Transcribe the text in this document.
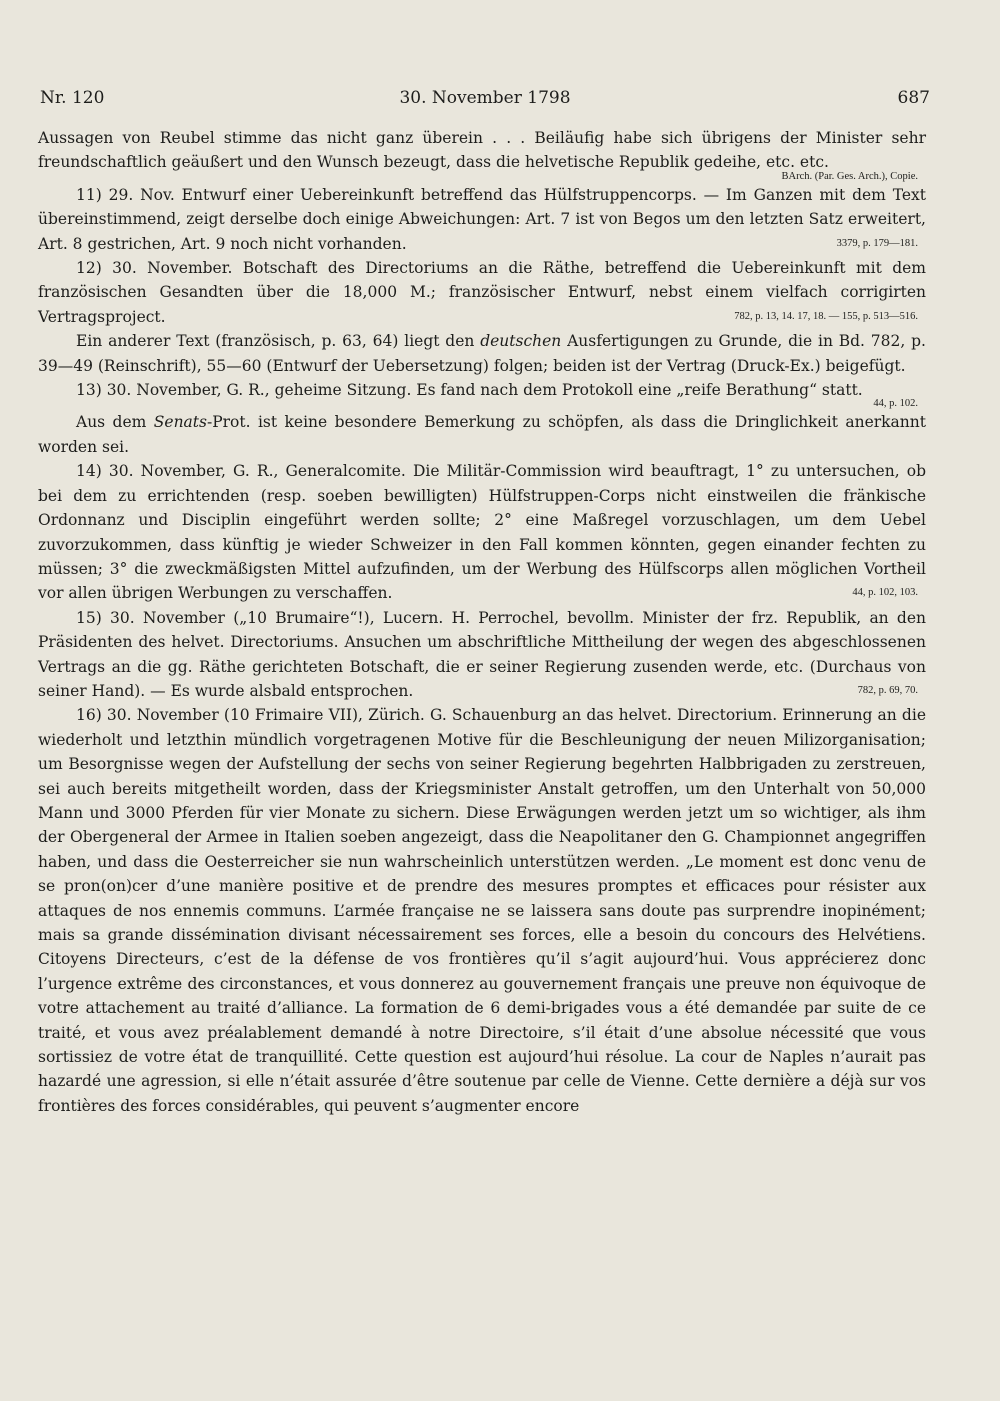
Nr. 120	30. November 1798	687

Aussagen von Reubel stimme das nicht ganz überein . . . Beiläufig habe sich übrigens der Minister sehr freundschaftlich geäußert und den Wunsch bezeugt, dass die helvetische Republik gedeihe, etc. etc.

BArch. (Par. Ges. Arch.), Copie.

11) 29. Nov. Entwurf einer Uebereinkunft betreffend das Hülfstruppencorps. — Im Ganzen mit dem Text übereinstimmend, zeigt derselbe doch einige Abweichungen: Art. 7 ist von Begos um den letzten Satz erweitert, Art. 8 gestrichen, Art. 9 noch nicht vorhanden.	3379, p. 179—181.

12) 30. November. Botschaft des Directoriums an die Räthe, betreffend die Uebereinkunft mit dem französischen Gesandten über die 18,000 M.; französischer Entwurf, nebst einem vielfach corrigirten Vertragsproject.	782, p. 13, 14. 17, 18. — 155, p. 513—516.

Ein anderer Text (französisch, p. 63, 64) liegt den deutschen Ausfertigungen zu Grunde, die in Bd. 782, p. 39—49 (Reinschrift), 55—60 (Entwurf der Uebersetzung) folgen; beiden ist der Vertrag (Druck-Ex.) beigefügt.

13) 30. November, G. R., geheime Sitzung. Es fand nach dem Protokoll eine „reife Berathung“ statt.

44, p. 102.

Aus dem Senats-Prot. ist keine besondere Bemerkung zu schöpfen, als dass die Dringlichkeit anerkannt worden sei.

14) 30. November, G. R., Generalcomite. Die Militär-Commission wird beauftragt, 1° zu untersuchen, ob bei dem zu errichtenden (resp. soeben bewilligten) Hülfstruppen-Corps nicht einstweilen die fränkische Ordonnanz und Disciplin eingeführt werden sollte; 2° eine Maßregel vorzuschlagen, um dem Uebel zuvorzukommen, dass künftig je wieder Schweizer in den Fall kommen könnten, gegen einander fechten zu müssen; 3° die zweckmäßigsten Mittel aufzufinden, um der Werbung des Hülfscorps allen möglichen Vortheil vor allen übrigen Werbungen zu verschaffen.	44, p. 102, 103.

15) 30. November („10 Brumaire“!), Lucern. H. Perrochel, bevollm. Minister der frz. Republik, an den Präsidenten des helvet. Directoriums. Ansuchen um abschriftliche Mittheilung der wegen des abgeschlossenen Vertrags an die gg. Räthe gerichteten Botschaft, die er seiner Regierung zusenden werde, etc. (Durchaus von seiner Hand). — Es wurde alsbald entsprochen.	782, p. 69, 70.

16) 30. November (10 Frimaire VII), Zürich. G. Schauenburg an das helvet. Directorium. Erinnerung an die wiederholt und letzthin mündlich vorgetragenen Motive für die Beschleunigung der neuen Milizorganisation; um Besorgnisse wegen der Aufstellung der sechs von seiner Regierung begehrten Halbbrigaden zu zerstreuen, sei auch bereits mitgetheilt worden, dass der Kriegsminister Anstalt getroffen, um den Unterhalt von 50,000 Mann und 3000 Pferden für vier Monate zu sichern. Diese Erwägungen werden jetzt um so wichtiger, als ihm der Obergeneral der Armee in Italien soeben angezeigt, dass die Neapolitaner den G. Championnet angegriffen haben, und dass die Oesterreicher sie nun wahrscheinlich unterstützen werden. „Le moment est donc venu de se pron(on)cer d’une manière positive et de prendre des mesures promptes et efficaces pour résister aux attaques de nos ennemis communs. L’armée française ne se laissera sans doute pas surprendre inopinément; mais sa grande dissémination divisant nécessairement ses forces, elle a besoin du concours des Helvétiens. Citoyens Directeurs, c’est de la défense de vos frontières qu’il s’agit aujourd’hui. Vous apprécierez donc l’urgence extrême des circonstances, et vous donnerez au gouvernement français une preuve non équivoque de votre attachement au traité d’alliance. La formation de 6 demi-brigades vous a été demandée par suite de ce traité, et vous avez préalablement demandé à notre Directoire, s’il était d’une absolue nécessité que vous sortissiez de votre état de tranquillité. Cette question est aujourd’hui résolue. La cour de Naples n’aurait pas hazardé une agression, si elle n’était assurée d’être soutenue par celle de Vienne. Cette dernière a déjà sur vos frontières des forces considérables, qui peuvent s’augmenter encore
